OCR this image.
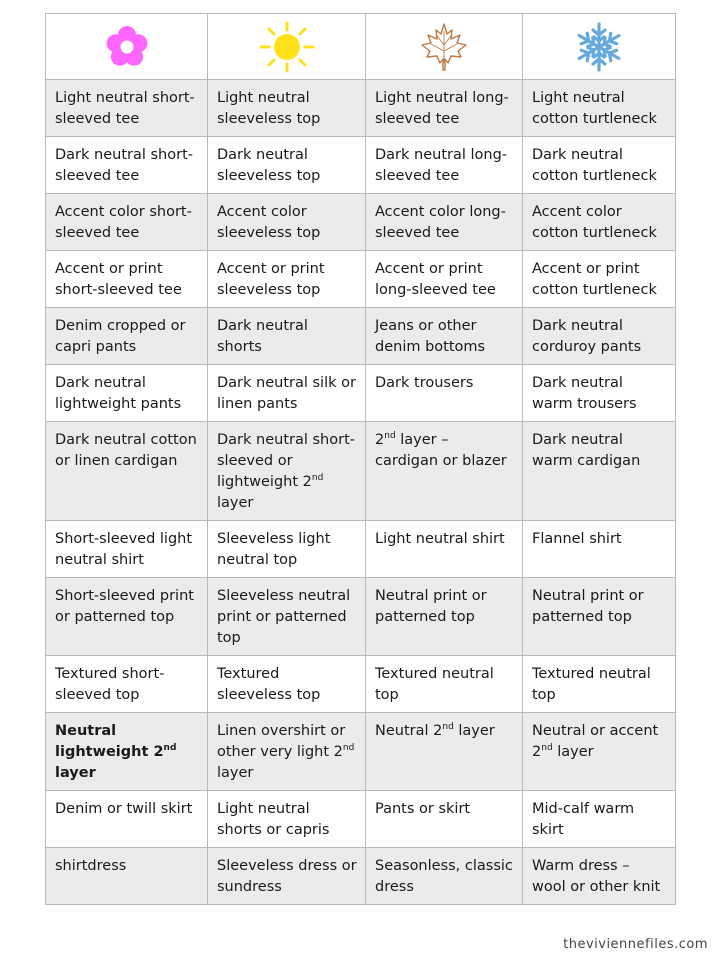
Light neutral short-sleeved tee	Light neutral sleeveless top	Light neutral long-sleeved tee	Light neutral cotton turtleneck
Dark neutral short-sleeved tee	Dark neutral sleeveless top	Dark neutral long-sleeved tee	Dark neutral cotton turtleneck
Accent color short-sleeved tee	Accent color sleeveless top	Accent color long-sleeved tee	Accent color cotton turtleneck
Accent or print short-sleeved tee	Accent or print sleeveless top	Accent or print long-sleeved tee	Accent or print cotton turtleneck
Denim cropped or capri pants	Dark neutral shorts	Jeans or other denim bottoms	Dark neutral corduroy pants
Dark neutral lightweight pants	Dark neutral silk or linen pants	Dark trousers	Dark neutral warm trousers
Dark neutral cotton or linen cardigan	Dark neutral short-sleeved or lightweight 2nd layer	2nd layer – cardigan or blazer	Dark neutral warm cardigan
Short-sleeved light neutral shirt	Sleeveless light neutral top	Light neutral shirt	Flannel shirt
Short-sleeved print or patterned top	Sleeveless neutral print or patterned top	Neutral print or patterned top	Neutral print or patterned top
Textured short-sleeved top	Textured sleeveless top	Textured neutral top	Textured neutral top
Neutral lightweight 2nd layer	Linen overshirt or other very light 2nd layer	Neutral 2nd layer	Neutral or accent 2nd layer
Denim or twill skirt	Light neutral shorts or capris	Pants or skirt	Mid-calf warm skirt
shirtdress	Sleeveless dress or sundress	Seasonless, classic dress	Warm dress – wool or other knit
theviviennefiles.com
